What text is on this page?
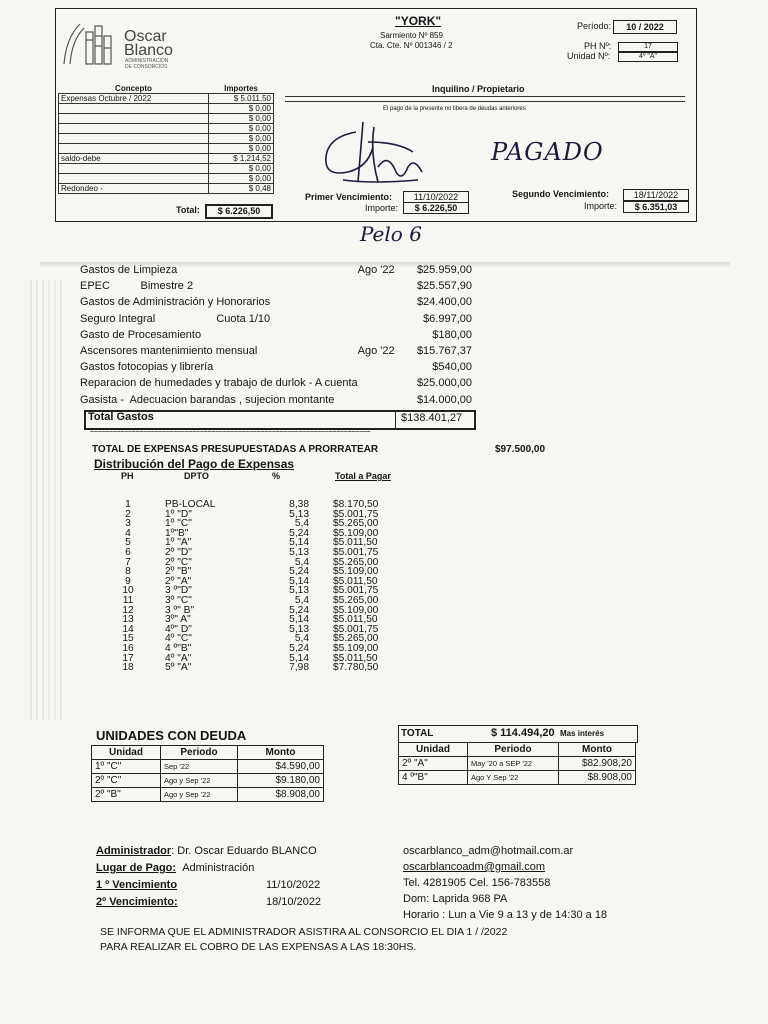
Oscar
Blanco
ADMINISTRACIÓN
DE CONSORCIOS
"YORK"
Sarmiento Nº 859
Cta. Cte. Nº 001346 / 2
Período:	10 / 2022
PH Nº:	17
Unidad Nº:	4º "A"
Concepto	Importes
Expensas Octubre / 2022	$ 5.011,50
	$ 0,00
	$ 0,00
	$ 0,00
	$ 0,00
	$ 0,00
saldo-debe	$ 1.214,52
	$ 0,00
	$ 0,00
Redondeo -	$ 0,48
Total:	$ 6.226,50
Inquilino / Propietario
El pago de la presente no libera de deudas anteriores
PAGADO
Primer Vencimiento:	11/10/2022
Importe:	$ 6.226,50
Segundo Vencimiento:	18/11/2022
Importe:	$ 6.351,03
Pelo 6
Gastos de Limpieza	Ago '22	$25.959,00
EPEC          Bimestre 2		$25.557,90
Gastos de Administración y Honorarios		$24.400,00
Seguro Integral                    Cuota 1/10		$6.997,00
Gasto de Procesamiento		$180,00
Ascensores mantenimiento mensual	Ago '22	$15.767,37
Gastos fotocopias y librería		$540,00
Reparacion de humedades y trabajo de durlok - A cuenta		$25.000,00
Gasista -  Adecuacion barandas , sujecion montante		$14.000,00
Total Gastos	$138.401,27
==========================================================================
TOTAL DE EXPENSAS PRESUPUESTADAS A PRORRATEAR	$97.500,00
Distribución del Pago de Expensas
PH	DPTO	%	Total a Pagar
1	PB-LOCAL	8,38	$8.170,50
2	1º "D"	5,13	$5.001,75
3	1º "C"	5,4	$5.265,00
4	1º"B"	5,24	$5.109,00
5	1º "A"	5,14	$5.011,50
6	2º "D"	5,13	$5.001,75
7	2º "C"	5,4	$5.265,00
8	2º "B"	5,24	$5.109,00
9	2º "A"	5,14	$5.011,50
10	3 º"D"	5,13	$5.001,75
11	3º "C"	5,4	$5.265,00
12	3 º" B"	5,24	$5.109,00
13	3º" A"	5,14	$5.011,50
14	4º" D"	5,13	$5.001,75
15	4º "C"	5,4	$5.265,00
16	4 º"B"	5,24	$5.109,00
17	4º "A"	5,14	$5.011,50
18	5º "A"	7,98	$7.780,50
UNIDADES CON DEUDA
Unidad	Periodo	Monto
1º "C"	Sep '22	$4.590,00
2º "C"	Ago y Sep '22	$9.180,00
2º "B"	Ago y Sep '22	$8.908,00
TOTAL	$ 114.494,20 Mas interés
Unidad	Periodo	Monto
2º "A"	May '20 a SEP '22	$82.908,20
4 º"B"	Ago Y Sep '22	$8.908,00
Administrador: Dr. Oscar Eduardo BLANCO
Lugar de Pago: Administración
1 º Vencimiento	11/10/2022
2º Vencimiento:	18/10/2022
oscarblanco_adm@hotmail.com.ar
oscarblancoadm@gmail.com
Tel. 4281905 Cel. 156-783558
Dom: Laprida 968 PA
Horario : Lun a Vie 9 a 13 y de 14:30 a 18
SE INFORMA QUE EL ADMINISTRADOR ASISTIRA AL CONSORCIO EL DIA 1 / /2022
PARA REALIZAR EL COBRO DE LAS EXPENSAS A LAS 18:30HS.
